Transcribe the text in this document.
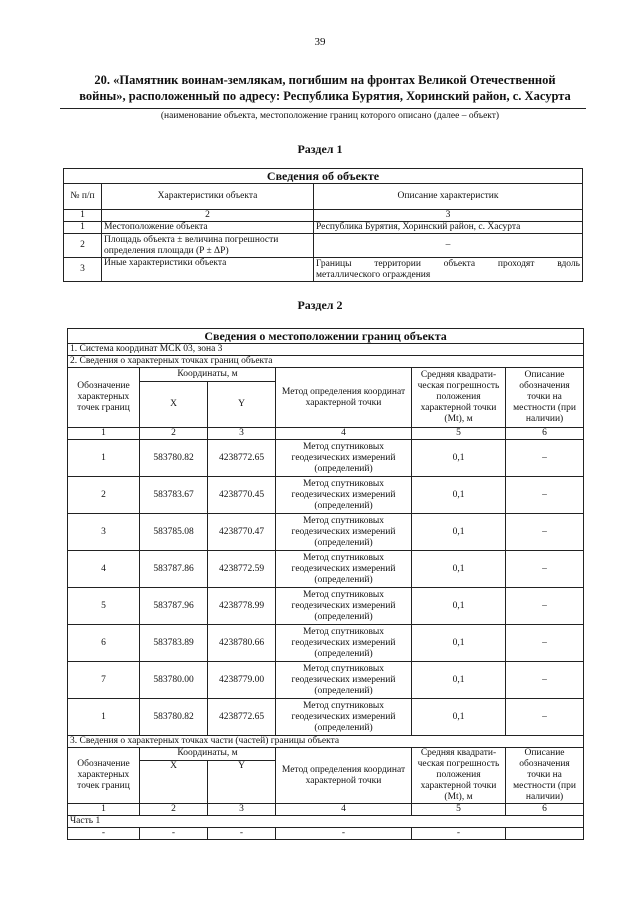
39
20. «Памятник воинам-землякам, погибшим на фронтах Великой Отечественной
войны», расположенный по адресу: Республика Бурятия, Хоринский район, с. Хасурта
(наименование объекта, местоположение границ которого описано (далее – объект)
Раздел 1
Сведения об объекте		
№ п/п	Характеристики объекта	Описание характеристик
1	2	3
1	Местоположение объекта	Республика Бурятия, Хоринский район, с. Хасурта
2	Площадь объекта ± величина погрешности определения площади (P ± ΔP)	–
3	Иные характеристики объекта	Границы территории объекта проходят вдоль
металлического ограждения
Раздел 2
Сведения о местоположении границ объекта					
1. Система координат МСК 03, зона 3					
2. Сведения о характерных точках границ объекта					
Обозначение характерных точек границ	Координаты, м		Метод определения координат характерной точки	Средняя квадрати-ческая погрешность положения характерной точки (Mt), м	Описание обозначения точки на местности (при наличии)
	X	Y			
1	2	3	4	5	6
1	583780.82	4238772.65	Метод спутниковых геодезических измерений (определений)	0,1	–
2	583783.67	4238770.45	Метод спутниковых геодезических измерений (определений)	0,1	–
3	583785.08	4238770.47	Метод спутниковых геодезических измерений (определений)	0,1	–
4	583787.86	4238772.59	Метод спутниковых геодезических измерений (определений)	0,1	–
5	583787.96	4238778.99	Метод спутниковых геодезических измерений (определений)	0,1	–
6	583783.89	4238780.66	Метод спутниковых геодезических измерений (определений)	0,1	–
7	583780.00	4238779.00	Метод спутниковых геодезических измерений (определений)	0,1	–
1	583780.82	4238772.65	Метод спутниковых геодезических измерений (определений)	0,1	–
3. Сведения о характерных точках части (частей) границы объекта					
Обозначение характерных точек границ	Координаты, м		Метод определения координат характерной точки	Средняя квадрати-ческая погрешность положения характерной точки (Mt), м	Описание обозначения точки на местности (при наличии)
	X	Y			
1	2	3	4	5	6
Часть 1					
-	-	-	-	-	
